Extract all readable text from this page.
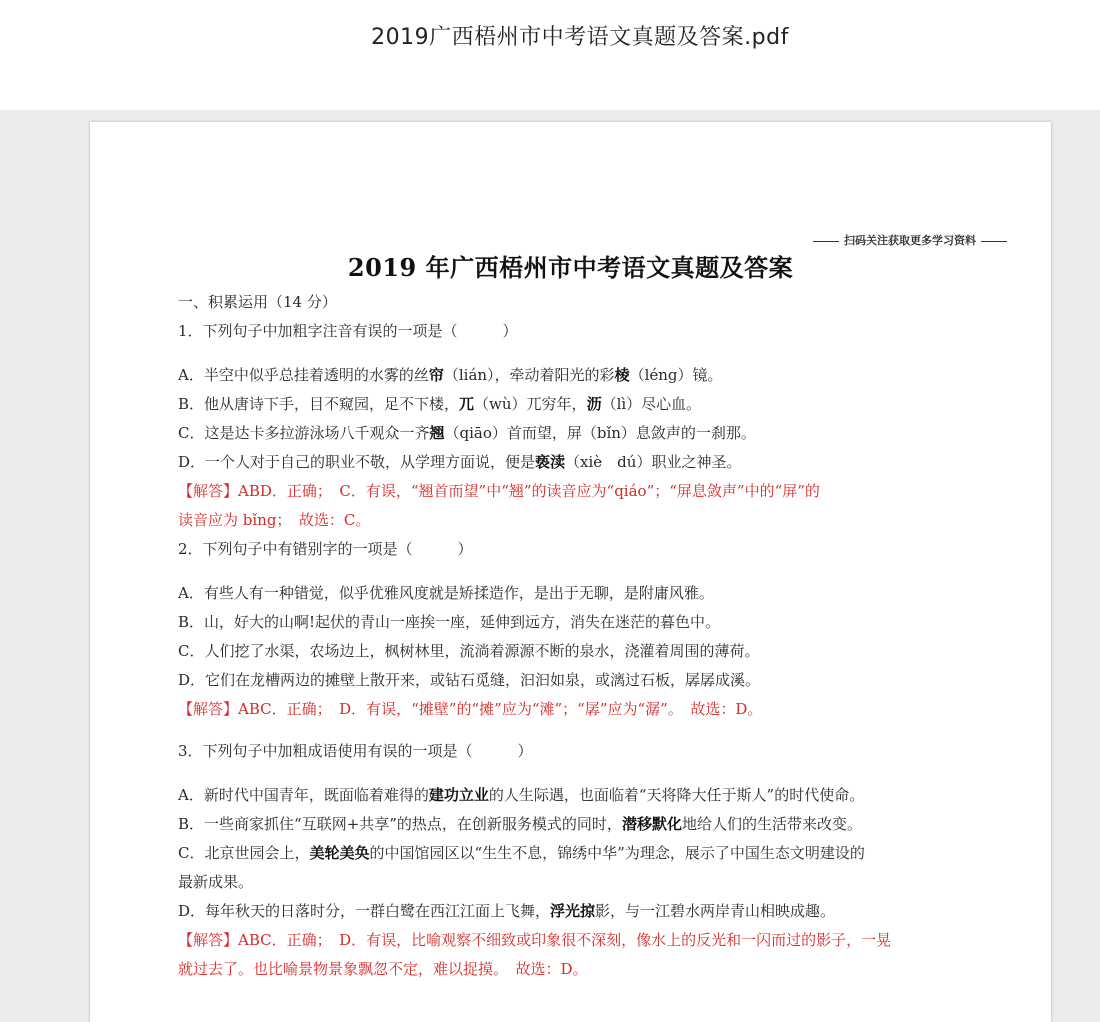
2019广西梧州市中考语文真题及答案.pdf
扫码关注获取更多学习资料
2019 年广西梧州市中考语文真题及答案
一、积累运用（14 分）
1．下列句子中加粗字注音有误的一项是（　　　）
A．半空中似乎总挂着透明的水雾的丝帘（lián），牵动着阳光的彩棱（léng）镜。
B．他从唐诗下手，目不窥园，足不下楼，兀（wù）兀穷年，沥（lì）尽心血。
C．这是达卡多拉游泳场八千观众一齐翘（qiāo）首而望，屏（bǐn）息敛声的一刹那。
D．一个人对于自己的职业不敬，从学理方面说，便是亵渎（xiè　dú）职业之神圣。
【解答】ABD．正确；　C．有误，“翘首而望”中“翘”的读音应为“qiáo”；“屏息敛声”中的“屏”的
读音应为 bǐng；　故选：C。
2．下列句子中有错别字的一项是（　　　）
A．有些人有一种错觉，似乎优雅风度就是矫揉造作，是出于无聊，是附庸风雅。
B．山，好大的山啊!起伏的青山一座挨一座，延伸到远方，消失在迷茫的暮色中。
C．人们挖了水渠，农场边上，枫树林里，流淌着源源不断的泉水，浇灌着周围的薄荷。
D．它们在龙槽两边的摊壁上散开来，或钻石觅缝，汩汩如泉，或漓过石板，孱孱成溪。
【解答】ABC．正确；　D．有误，“摊壁”的“摊”应为“滩”；“孱”应为“潺”。　故选：D。
3．下列句子中加粗成语使用有误的一项是（　　　）
A．新时代中国青年，既面临着难得的建功立业的人生际遇，也面临着“天将降大任于斯人”的时代使命。
B．一些商家抓住“互联网+共享”的热点，在创新服务模式的同时，潜移默化地给人们的生活带来改变。
C．北京世园会上，美轮美奂的中国馆园区以“生生不息，锦绣中华”为理念，展示了中国生态文明建设的
最新成果。
D．每年秋天的日落时分，一群白鹭在西江江面上飞舞，浮光掠影，与一江碧水两岸青山相映成趣。
【解答】ABC．正确；　D．有误，比喻观察不细致或印象很不深刻，像水上的反光和一闪而过的影子，一晃
就过去了。也比喻景物景象飘忽不定，难以捉摸。　故选：D。
